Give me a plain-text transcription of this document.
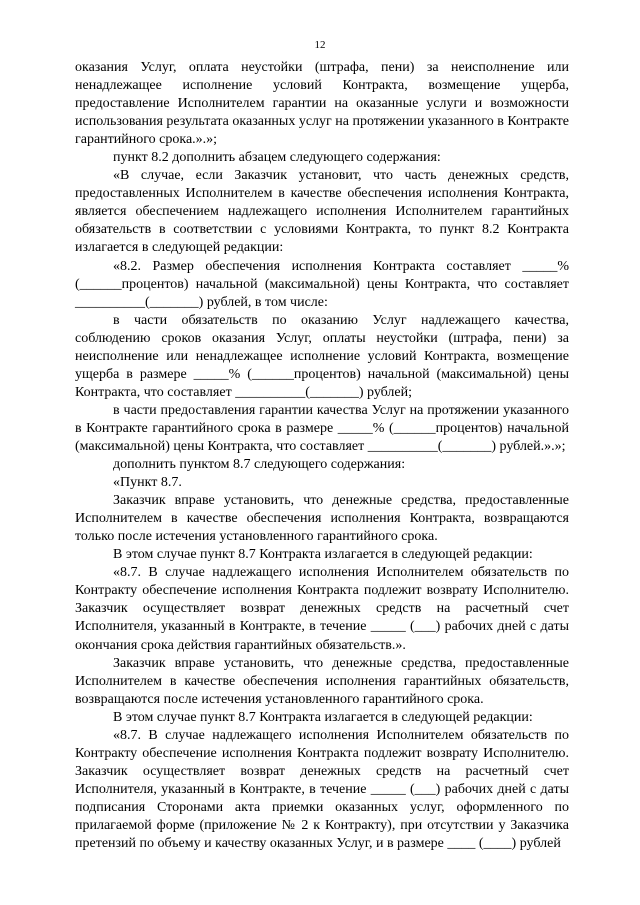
12

оказания Услуг, оплата неустойки (штрафа, пени) за неисполнение или ненадлежащее исполнение условий Контракта, возмещение ущерба, предоставление Исполнителем гарантии на оказанные услуги и возможности использования результата оказанных услуг на протяжении указанного в Контракте гарантийного срока.».»;

пункт 8.2 дополнить абзацем следующего содержания:

«В случае, если Заказчик установит, что часть денежных средств, предоставленных Исполнителем в качестве обеспечения исполнения Контракта, является обеспечением надлежащего исполнения Исполнителем гарантийных обязательств в соответствии с условиями Контракта, то пункт 8.2 Контракта излагается в следующей редакции:

«8.2. Размер обеспечения исполнения Контракта составляет _____% (______процентов) начальной (максимальной) цены Контракта, что составляет __________(_______) рублей, в том числе:

в части обязательств по оказанию Услуг надлежащего качества, соблюдению сроков оказания Услуг, оплаты неустойки (штрафа, пени) за неисполнение или ненадлежащее исполнение условий Контракта, возмещение ущерба в размере _____% (______процентов) начальной (максимальной) цены Контракта, что составляет __________(_______) рублей;

в части предоставления гарантии качества Услуг на протяжении указанного в Контракте гарантийного срока в размере _____% (______процентов) начальной (максимальной) цены Контракта, что составляет __________(_______) рублей.».»;

дополнить пунктом 8.7 следующего содержания:

«Пункт 8.7.

Заказчик вправе установить, что денежные средства, предоставленные Исполнителем в качестве обеспечения исполнения Контракта, возвращаются только после истечения установленного гарантийного срока.

В этом случае пункт 8.7 Контракта излагается в следующей редакции:

«8.7. В случае надлежащего исполнения Исполнителем обязательств по Контракту обеспечение исполнения Контракта подлежит возврату Исполнителю. Заказчик осуществляет возврат денежных средств на расчетный счет Исполнителя, указанный в Контракте, в течение _____ (___) рабочих дней с даты окончания срока действия гарантийных обязательств.».

Заказчик вправе установить, что денежные средства, предоставленные Исполнителем в качестве обеспечения исполнения гарантийных обязательств, возвращаются после истечения установленного гарантийного срока.

В этом случае пункт 8.7 Контракта излагается в следующей редакции:

«8.7. В случае надлежащего исполнения Исполнителем обязательств по Контракту обеспечение исполнения Контракта подлежит возврату Исполнителю. Заказчик осуществляет возврат денежных средств на расчетный счет Исполнителя, указанный в Контракте, в течение _____ (___) рабочих дней с даты подписания Сторонами акта приемки оказанных услуг, оформленного по прилагаемой форме (приложение № 2 к Контракту), при отсутствии у Заказчика претензий по объему и качеству оказанных Услуг, и в размере ____ (____) рублей
